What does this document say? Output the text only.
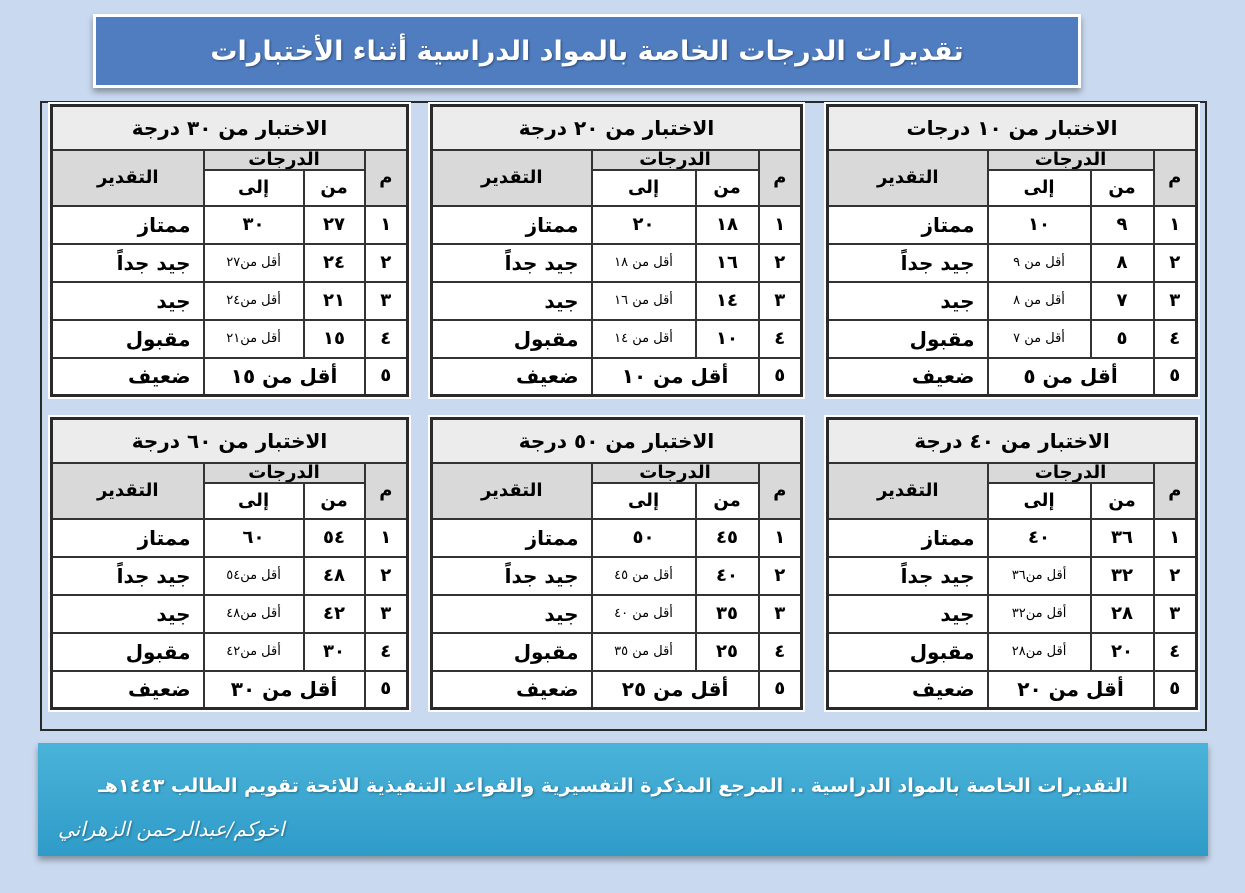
تقديرات الدرجات الخاصة بالمواد الدراسية أثناء الأختبارات
الاختبار من ١٠ درجات			
م	الدرجات		التقدير
	من	إلى	
١	٩	١٠	ممتاز
٢	٨	أقل من ٩	جيد جداً
٣	٧	أقل من ٨	جيد
٤	٥	أقل من ٧	مقبول
٥	أقل من ٥		ضعيف
الاختبار من ٢٠ درجة			
م	الدرجات		التقدير
	من	إلى	
١	١٨	٢٠	ممتاز
٢	١٦	أقل من ١٨	جيد جداً
٣	١٤	أقل من ١٦	جيد
٤	١٠	أقل من ١٤	مقبول
٥	أقل من ١٠		ضعيف
الاختبار من ٣٠ درجة			
م	الدرجات		التقدير
	من	إلى	
١	٢٧	٣٠	ممتاز
٢	٢٤	أقل من٢٧	جيد جداً
٣	٢١	أقل من٢٤	جيد
٤	١٥	أقل من٢١	مقبول
٥	أقل من ١٥		ضعيف
الاختبار من ٤٠ درجة			
م	الدرجات		التقدير
	من	إلى	
١	٣٦	٤٠	ممتاز
٢	٣٢	أقل من٣٦	جيد جداً
٣	٢٨	أقل من٣٢	جيد
٤	٢٠	أقل من٢٨	مقبول
٥	أقل من ٢٠		ضعيف
الاختبار من ٥٠ درجة			
م	الدرجات		التقدير
	من	إلى	
١	٤٥	٥٠	ممتاز
٢	٤٠	أقل من ٤٥	جيد جداً
٣	٣٥	أقل من ٤٠	جيد
٤	٢٥	أقل من ٣٥	مقبول
٥	أقل من ٢٥		ضعيف
الاختبار من ٦٠ درجة			
م	الدرجات		التقدير
	من	إلى	
١	٥٤	٦٠	ممتاز
٢	٤٨	أقل من٥٤	جيد جداً
٣	٤٢	أقل من٤٨	جيد
٤	٣٠	أقل من٤٢	مقبول
٥	أقل من ٣٠		ضعيف
التقديرات الخاصة بالمواد الدراسية .. المرجع المذكرة التفسيرية والقواعد التنفيذية للائحة تقويم الطالب ١٤٤٣هـ
اخوكم/عبدالرحمن الزهراني
